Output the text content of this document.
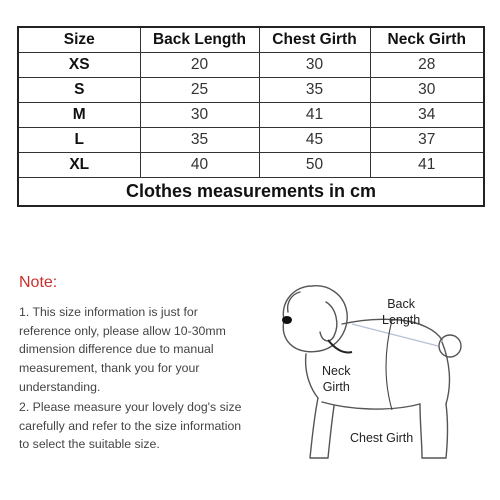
Size	Back Length	Chest Girth	Neck Girth
XS	20	30	28
S	25	35	30
M	30	41	34
L	35	45	37
XL	40	50	41
Clothes measurements in cm			
Note:
1. This size information is just for reference only, please allow 10-30mm dimension difference due to manual measurement, thank you for your understanding.
2. Please measure your lovely dog's size carefully and refer to the size information to select the suitable size.
Back
Length
Neck
Girth
Chest Girth
